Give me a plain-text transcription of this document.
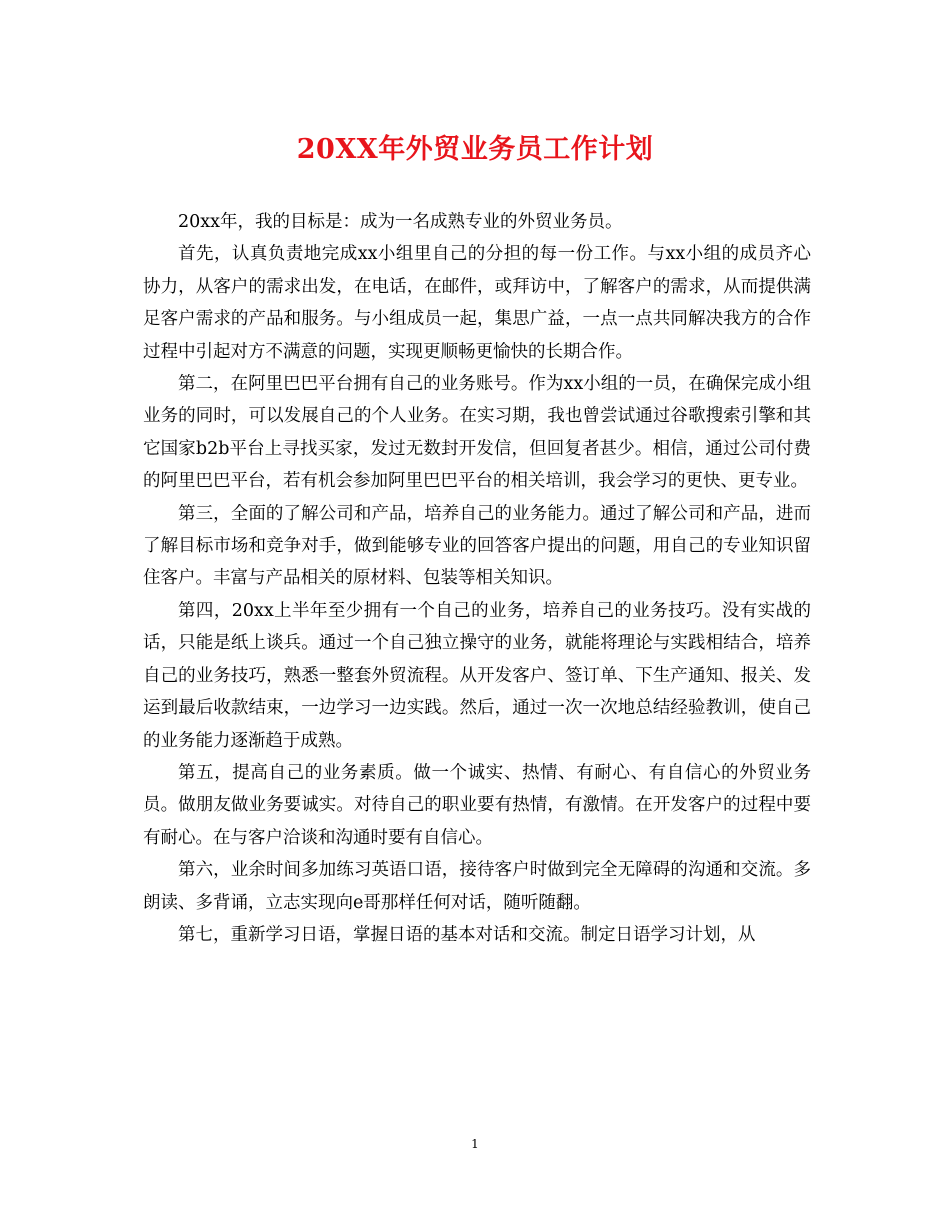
20XX年外贸业务员工作计划

20xx年，我的目标是：成为一名成熟专业的外贸业务员。

首先，认真负责地完成xx小组里自己的分担的每一份工作。与xx小组的成员齐心协力，从客户的需求出发，在电话，在邮件，或拜访中，了解客户的需求，从而提供满足客户需求的产品和服务。与小组成员一起，集思广益，一点一点共同解决我方的合作过程中引起对方不满意的问题，实现更顺畅更愉快的长期合作。

第二，在阿里巴巴平台拥有自己的业务账号。作为xx小组的一员，在确保完成小组业务的同时，可以发展自己的个人业务。在实习期，我也曾尝试通过谷歌搜索引擎和其它国家b2b平台上寻找买家，发过无数封开发信，但回复者甚少。相信，通过公司付费的阿里巴巴平台，若有机会参加阿里巴巴平台的相关培训，我会学习的更快、更专业。

第三，全面的了解公司和产品，培养自己的业务能力。通过了解公司和产品，进而了解目标市场和竞争对手，做到能够专业的回答客户提出的问题，用自己的专业知识留住客户。丰富与产品相关的原材料、包装等相关知识。

第四，20xx上半年至少拥有一个自己的业务，培养自己的业务技巧。没有实战的话，只能是纸上谈兵。通过一个自己独立操守的业务，就能将理论与实践相结合，培养自己的业务技巧，熟悉一整套外贸流程。从开发客户、签订单、下生产通知、报关、发运到最后收款结束，一边学习一边实践。然后，通过一次一次地总结经验教训，使自己的业务能力逐渐趋于成熟。

第五，提高自己的业务素质。做一个诚实、热情、有耐心、有自信心的外贸业务员。做朋友做业务要诚实。对待自己的职业要有热情，有激情。在开发客户的过程中要有耐心。在与客户洽谈和沟通时要有自信心。

第六，业余时间多加练习英语口语，接待客户时做到完全无障碍的沟通和交流。多朗读、多背诵，立志实现向e哥那样任何对话，随听随翻。

第七，重新学习日语，掌握日语的基本对话和交流。制定日语学习计划，从

1
